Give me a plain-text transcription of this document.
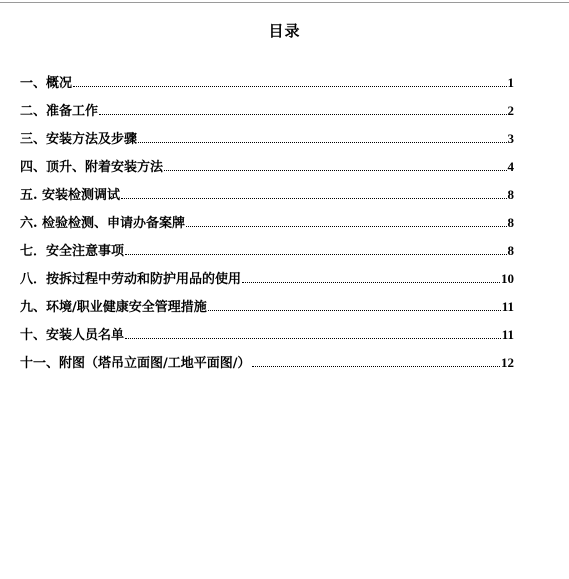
目录
一、概况	1
二、准备工作	2
三、安装方法及步骤	3
四、顶升、附着安装方法	4
五. 安装检测调试	8
六. 检验检测、申请办备案牌	8
七．安全注意事项	8
八．按拆过程中劳动和防护用品的使用	10
九、环境/职业健康安全管理措施	11
十、安装人员名单	11
十一、附图（塔吊立面图/工地平面图/）	12
